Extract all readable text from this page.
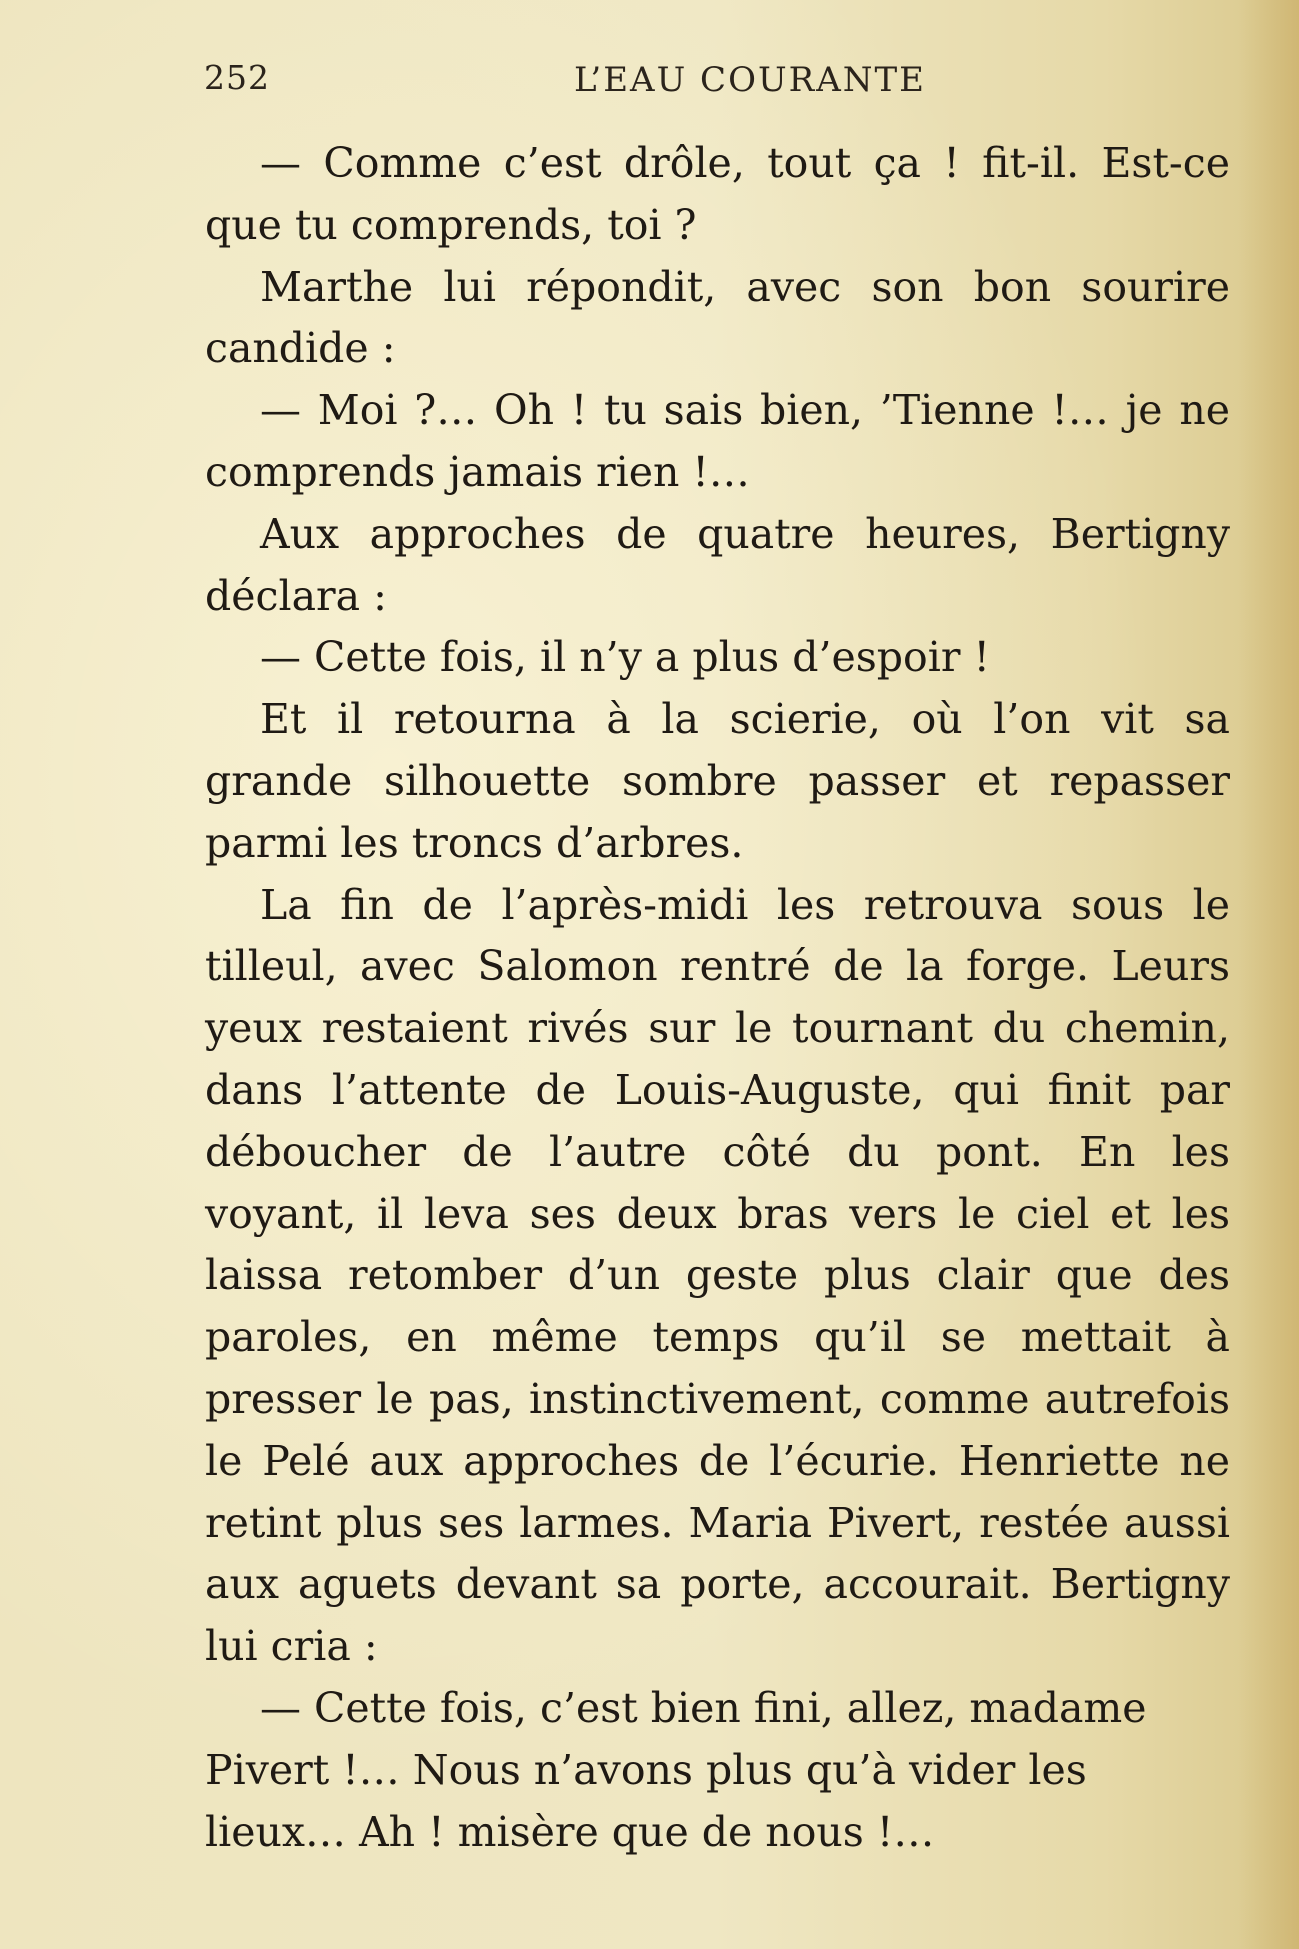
252	L’EAU COURANTE

— Comme c’est drôle, tout ça ! fit-il. Est-ce que tu comprends, toi ?

Marthe lui répondit, avec son bon sourire candide :

— Moi ?… Oh ! tu sais bien, ’Tienne !… je ne comprends jamais rien !…

Aux approches de quatre heures, Bertigny déclara :

— Cette fois, il n’y a plus d’espoir !

Et il retourna à la scierie, où l’on vit sa grande silhouette sombre passer et repasser parmi les troncs d’arbres.

La fin de l’après-midi les retrouva sous le tilleul, avec Salomon rentré de la forge. Leurs yeux restaient rivés sur le tournant du chemin, dans l’attente de Louis-Auguste, qui finit par déboucher de l’autre côté du pont. En les voyant, il leva ses deux bras vers le ciel et les laissa retomber d’un geste plus clair que des paroles, en même temps qu’il se mettait à presser le pas, instinctivement, comme autrefois le Pelé aux approches de l’écurie. Henriette ne retint plus ses larmes. Maria Pivert, restée aussi aux aguets devant sa porte, accourait. Bertigny lui cria :

— Cette fois, c’est bien fini, allez, madame Pivert !… Nous n’avons plus qu’à vider les lieux… Ah ! misère que de nous !…
